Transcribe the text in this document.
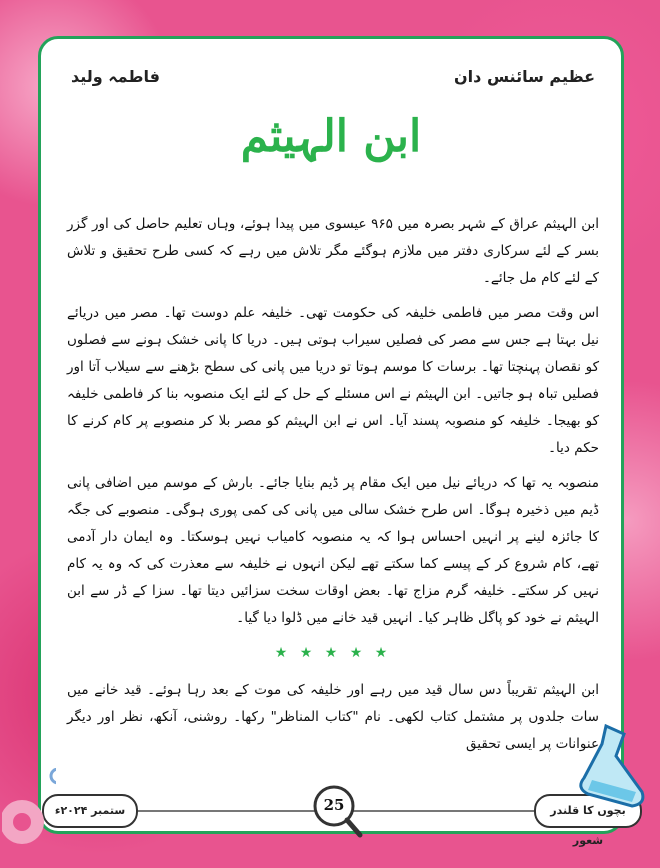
عظیم سائنس دان
فاطمہ ولید
ابن الہیثم

ابن الہیثم عراق کے شہر بصرہ میں ۹۶۵ عیسوی میں پیدا ہوئے، وہاں تعلیم حاصل کی اور گزر بسر کے لئے سرکاری دفتر میں ملازم ہوگئے مگر تلاش میں رہے کہ کسی طرح تحقیق و تلاش کے لئے کام مل جائے۔

اس وقت مصر میں فاطمی خلیفہ کی حکومت تھی۔ خلیفہ علم دوست تھا۔ مصر میں دریائے نیل بہتا ہے جس سے مصر کی فصلیں سیراب ہوتی ہیں۔ دریا کا پانی خشک ہونے سے فصلوں کو نقصان پہنچتا تھا۔ برسات کا موسم ہوتا تو دریا میں پانی کی سطح بڑھنے سے سیلاب آتا اور فصلیں تباہ ہو جاتیں۔ ابن الہیثم نے اس مسئلے کے حل کے لئے ایک منصوبہ بنا کر فاطمی خلیفہ کو بھیجا۔ خلیفہ کو منصوبہ پسند آیا۔ اس نے ابن الہیثم کو مصر بلا کر منصوبے پر کام کرنے کا حکم دیا۔

منصوبہ یہ تھا کہ دریائے نیل میں ایک مقام پر ڈیم بنایا جائے۔ بارش کے موسم میں اضافی پانی ڈیم میں ذخیرہ ہوگا۔ اس طرح خشک سالی میں پانی کی کمی پوری ہوگی۔ منصوبے کی جگہ کا جائزہ لینے پر انہیں احساس ہوا کہ یہ منصوبہ کامیاب نہیں ہوسکتا۔ وہ ایمان دار آدمی تھے، کام شروع کر کے پیسے کما سکتے تھے لیکن انہوں نے خلیفہ سے معذرت کی کہ وہ یہ کام نہیں کر سکتے۔ خلیفہ گرم مزاج تھا۔ بعض اوقات سخت سزائیں دیتا تھا۔ سزا کے ڈر سے ابن الہیثم نے خود کو پاگل ظاہر کیا۔ انہیں قید خانے میں ڈلوا دیا گیا۔

★ ★ ★ ★ ★

ابن الہیثم تقریباً دس سال قید میں رہے اور خلیفہ کی موت کے بعد رہا ہوئے۔ قید خانے میں سات جلدوں پر مشتمل کتاب لکھی۔ نام "کتاب المناظر" رکھا۔ روشنی، آنکھ، نظر اور دیگر عنوانات پر ایسی تحقیق

بچوں کا قلندر شعور
ستمبر ۲۰۲۴ء	25
